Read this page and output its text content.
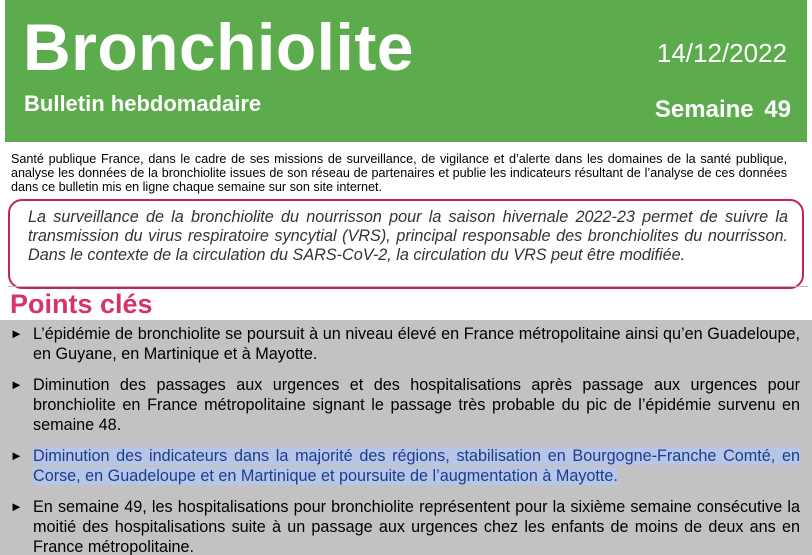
Bronchiolite
Bulletin hebdomadaire
14/12/2022
Semaine 49

Santé publique France, dans le cadre de ses missions de surveillance, de vigilance et d’alerte dans les domaines de la santé publique, analyse les données de la bronchiolite issues de son réseau de partenaires et publie les indicateurs résultant de l’analyse de ces données dans ce bulletin mis en ligne chaque semaine sur son site internet.

La surveillance de la bronchiolite du nourrisson pour la saison hivernale 2022-23 permet de suivre la transmission du virus respiratoire syncytial (VRS), principal responsable des bronchiolites du nourrisson. Dans le contexte de la circulation du SARS-CoV-2, la circulation du VRS peut être modifiée.

Points clés
► L’épidémie de bronchiolite se poursuit à un niveau élevé en France métropolitaine ainsi qu’en Guadeloupe, en Guyane, en Martinique et à Mayotte.
► Diminution des passages aux urgences et des hospitalisations après passage aux urgences pour bronchiolite en France métropolitaine signant le passage très probable du pic de l’épidémie survenu en semaine 48.
► Diminution des indicateurs dans la majorité des régions, stabilisation en Bourgogne-Franche Comté, en Corse, en Guadeloupe et en Martinique et poursuite de l’augmentation à Mayotte.
► En semaine 49, les hospitalisations pour bronchiolite représentent pour la sixième semaine consécutive la moitié des hospitalisations suite à un passage aux urgences chez les enfants de moins de deux ans en France métropolitaine.
